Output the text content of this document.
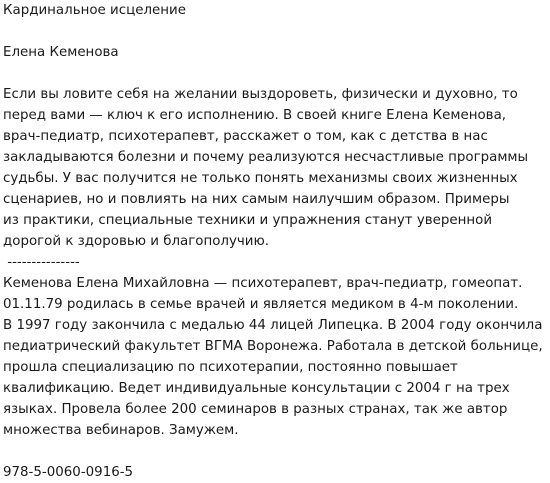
Кардинальное исцеление
Елена Кеменова
Если вы ловите себя на желании выздороветь, физически и духовно, то
перед вами — ключ к его исполнению. В своей книге Елена Кеменова,
врач-педиатр, психотерапевт, расскажет о том, как с детства в нас
закладываются болезни и почему реализуются несчастливые программы
судьбы. У вас получится не только понять механизмы своих жизненных
сценариев, но и повлиять на них самым наилучшим образом. Примеры
из практики, специальные техники и упражнения станут уверенной
дорогой к здоровью и благополучию.
---------------
Кеменова Елена Михайловна — психотерапевт, врач-педиатр, гомеопат.
01.11.79 родилась в семье врачей и является медиком в 4-м поколении.
В 1997 году закончила с медалью 44 лицей Липецка. В 2004 году окончила
педиатрический факультет ВГМА Воронежа. Работала в детской больнице,
прошла специализацию по психотерапии, постоянно повышает
квалификацию. Ведет индивидуальные консультации с 2004 г на трех
языках. Провела более 200 семинаров в разных странах, так же автор
множества вебинаров. Замужем.
978-5-0060-0916-5
